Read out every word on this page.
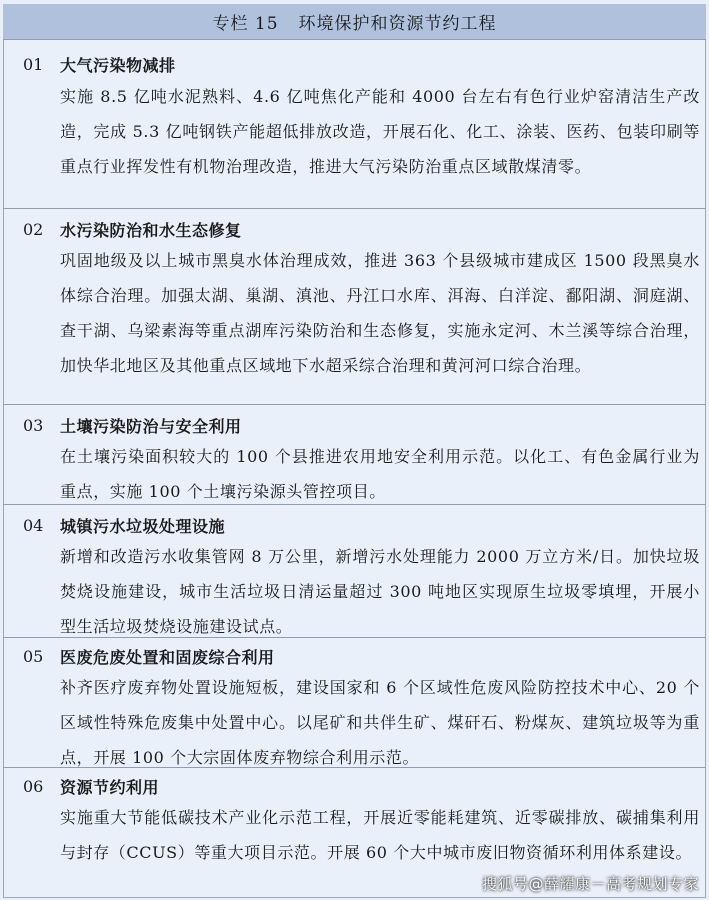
专栏 15 环境保护和资源节约工程
01	大气污染物减排
实施 8.5 亿吨水泥熟料、4.6 亿吨焦化产能和 4000 台左右有色行业炉窑清洁生产改造，完成 5.3 亿吨钢铁产能超低排放改造，开展石化、化工、涂装、医药、包装印刷等重点行业挥发性有机物治理改造，推进大气污染防治重点区域散煤清零。
02	水污染防治和水生态修复
巩固地级及以上城市黑臭水体治理成效，推进 363 个县级城市建成区 1500 段黑臭水体综合治理。加强太湖、巢湖、滇池、丹江口水库、洱海、白洋淀、鄱阳湖、洞庭湖、查干湖、乌梁素海等重点湖库污染防治和生态修复，实施永定河、木兰溪等综合治理，加快华北地区及其他重点区域地下水超采综合治理和黄河河口综合治理。
03	土壤污染防治与安全利用
在土壤污染面积较大的 100 个县推进农用地安全利用示范。以化工、有色金属行业为重点，实施 100 个土壤污染源头管控项目。
04	城镇污水垃圾处理设施
新增和改造污水收集管网 8 万公里，新增污水处理能力 2000 万立方米/日。加快垃圾焚烧设施建设，城市生活垃圾日清运量超过 300 吨地区实现原生垃圾零填埋，开展小型生活垃圾焚烧设施建设试点。
05	医废危废处置和固废综合利用
补齐医疗废弃物处置设施短板，建设国家和 6 个区域性危废风险防控技术中心、20 个区域性特殊危废集中处置中心。以尾矿和共伴生矿、煤矸石、粉煤灰、建筑垃圾等为重点，开展 100 个大宗固体废弃物综合利用示范。
06	资源节约利用
实施重大节能低碳技术产业化示范工程，开展近零能耗建筑、近零碳排放、碳捕集利用与封存（CCUS）等重大项目示范。开展 60 个大中城市废旧物资循环利用体系建设。
搜狐号@薛耀康－高考规划专家
